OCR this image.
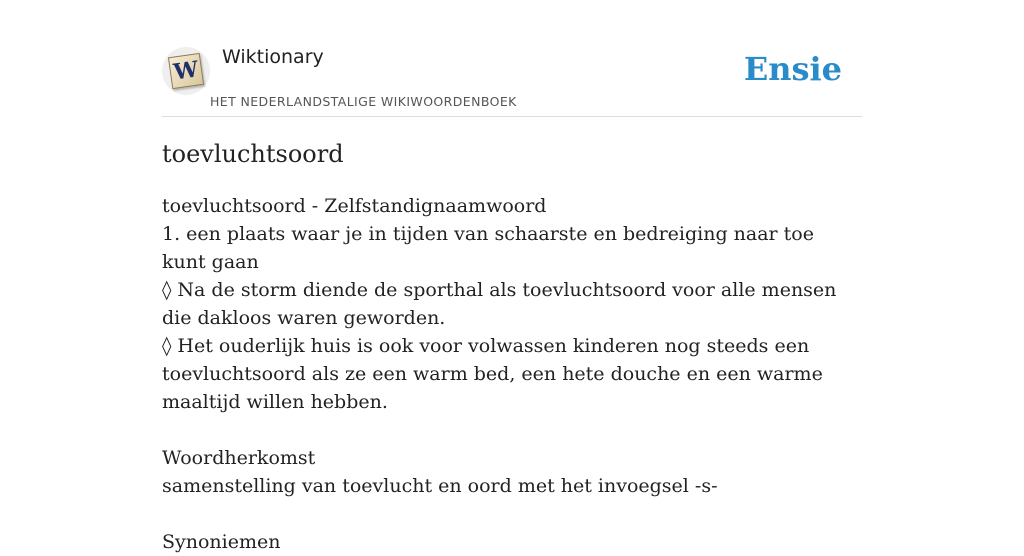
W Wiktionary
HET NEDERLANDSTALIGE WIKIWOORDENBOEK
Ensie
toevluchtsoord

toevluchtsoord - Zelfstandignaamwoord

1. een plaats waar je in tijden van schaarste en bedreiging naar toe kunt gaan

◊ Na de storm diende de sporthal als toevluchtsoord voor alle mensen die dakloos waren geworden.

◊ Het ouderlijk huis is ook voor volwassen kinderen nog steeds een toevluchtsoord als ze een warm bed, een hete douche en een warme maaltijd willen hebben.

Woordherkomst

samenstelling van toevlucht en oord met het invoegsel -s-

Synoniemen
